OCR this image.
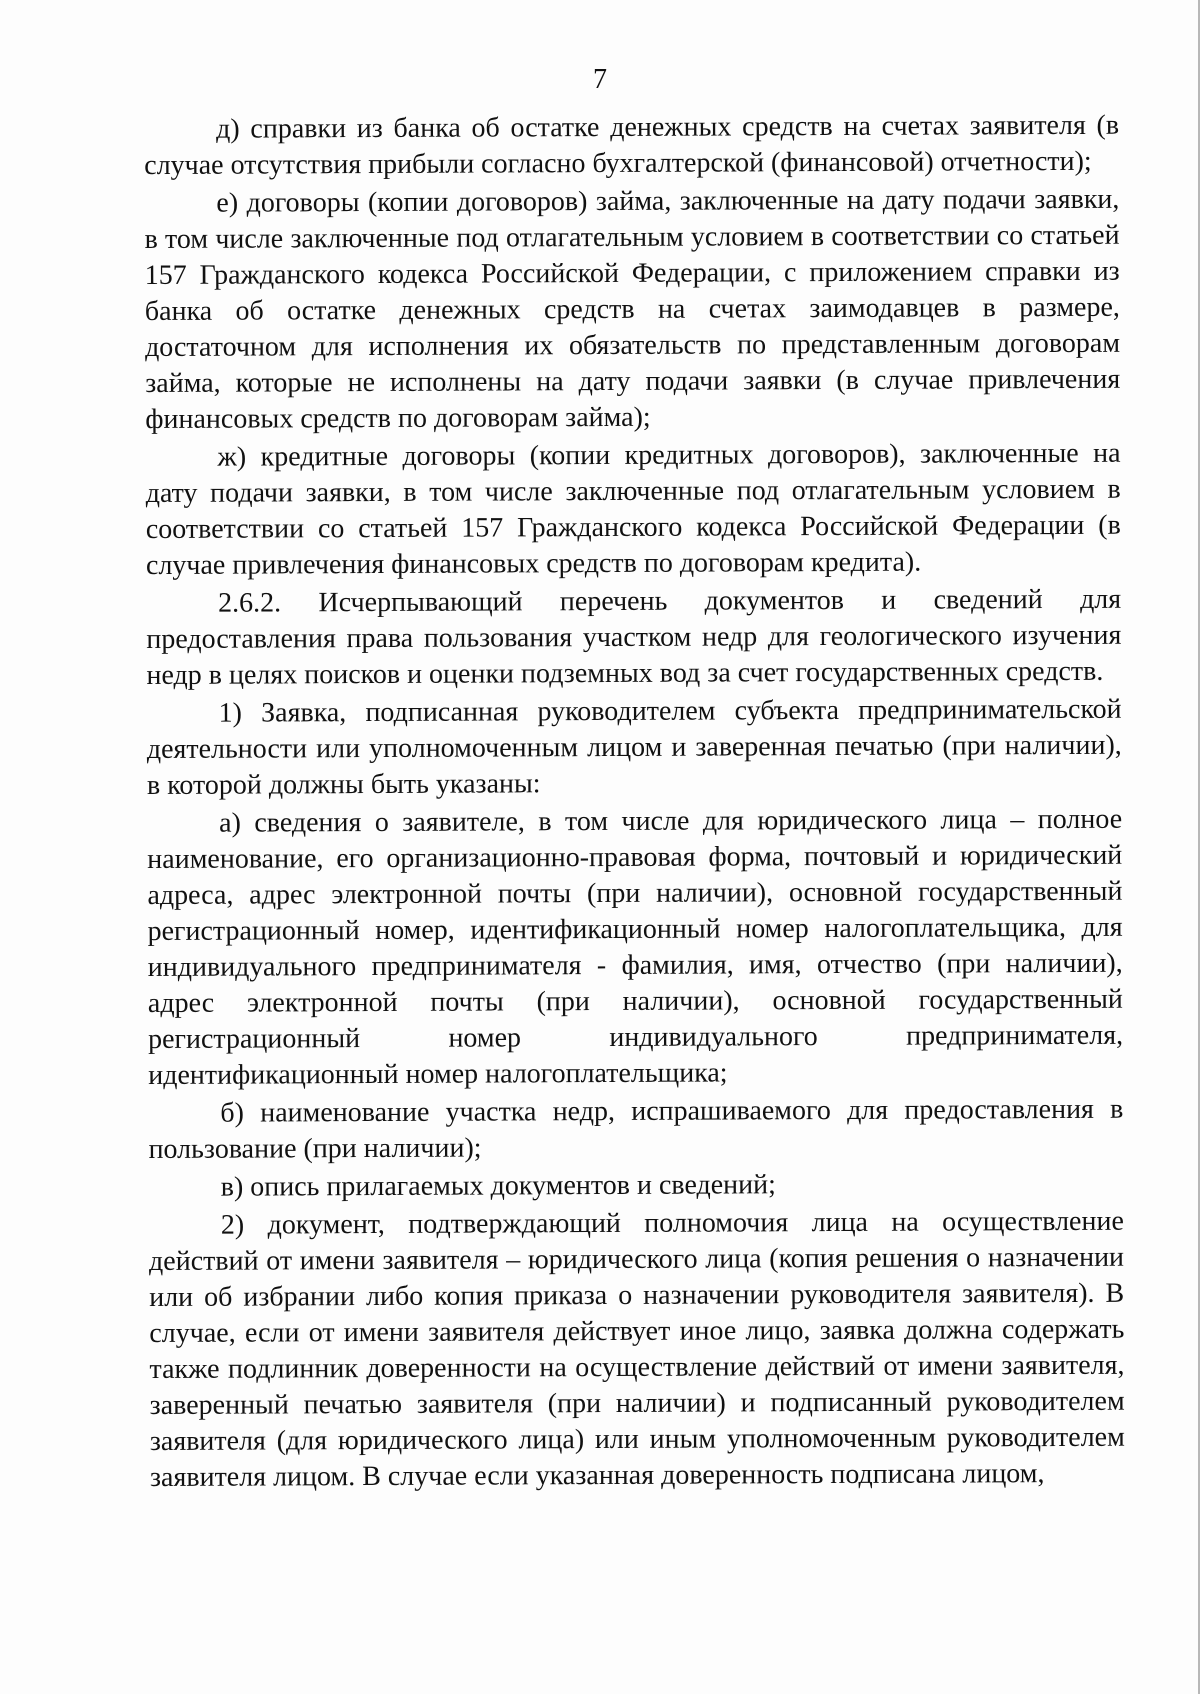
7

д) справки из банка об остатке денежных средств на счетах заявителя (в случае отсутствия прибыли согласно бухгалтерской (финансовой) отчетности);

е) договоры (копии договоров) займа, заключенные на дату подачи заявки, в том числе заключенные под отлагательным условием в соответствии со статьей 157 Гражданского кодекса Российской Федерации, с приложением справки из банка об остатке денежных средств на счетах заимодавцев в размере, достаточном для исполнения их обязательств по представленным договорам займа, которые не исполнены на дату подачи заявки (в случае привлечения финансовых средств по договорам займа);

ж) кредитные договоры (копии кредитных договоров), заключенные на дату подачи заявки, в том числе заключенные под отлагательным условием в соответствии со статьей 157 Гражданского кодекса Российской Федерации (в случае привлечения финансовых средств по договорам кредита).

2.6.2. Исчерпывающий перечень документов и сведений для предоставления права пользования участком недр для геологического изучения недр в целях поисков и оценки подземных вод за счет государственных средств.

1) Заявка, подписанная руководителем субъекта предпринимательской деятельности или уполномоченным лицом и заверенная печатью (при наличии), в которой должны быть указаны:

а) сведения о заявителе, в том числе для юридического лица – полное наименование, его организационно-правовая форма, почтовый и юридический адреса, адрес электронной почты (при наличии), основной государственный регистрационный номер, идентификационный номер налогоплательщика, для индивидуального предпринимателя - фамилия, имя, отчество (при наличии), адрес электронной почты (при наличии), основной государственный регистрационный номер индивидуального предпринимателя, идентификационный номер налогоплательщика;

б) наименование участка недр, испрашиваемого для предоставления в пользование (при наличии);

в) опись прилагаемых документов и сведений;

2) документ, подтверждающий полномочия лица на осуществление действий от имени заявителя – юридического лица (копия решения о назначении или об избрании либо копия приказа о назначении руководителя заявителя). В случае, если от имени заявителя действует иное лицо, заявка должна содержать также подлинник доверенности на осуществление действий от имени заявителя, заверенный печатью заявителя (при наличии) и подписанный руководителем заявителя (для юридического лица) или иным уполномоченным руководителем заявителя лицом. В случае если указанная доверенность подписана лицом,
